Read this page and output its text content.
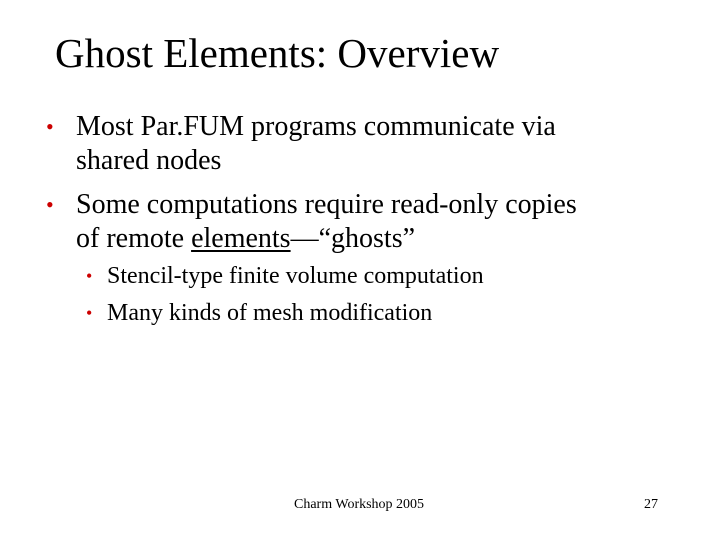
Ghost Elements: Overview
• Most Par.FUM programs communicate via
shared nodes
• Some computations require read-only copies
of remote elements—“ghosts”
• Stencil-type finite volume computation
• Many kinds of mesh modification
Charm Workshop 2005	27
